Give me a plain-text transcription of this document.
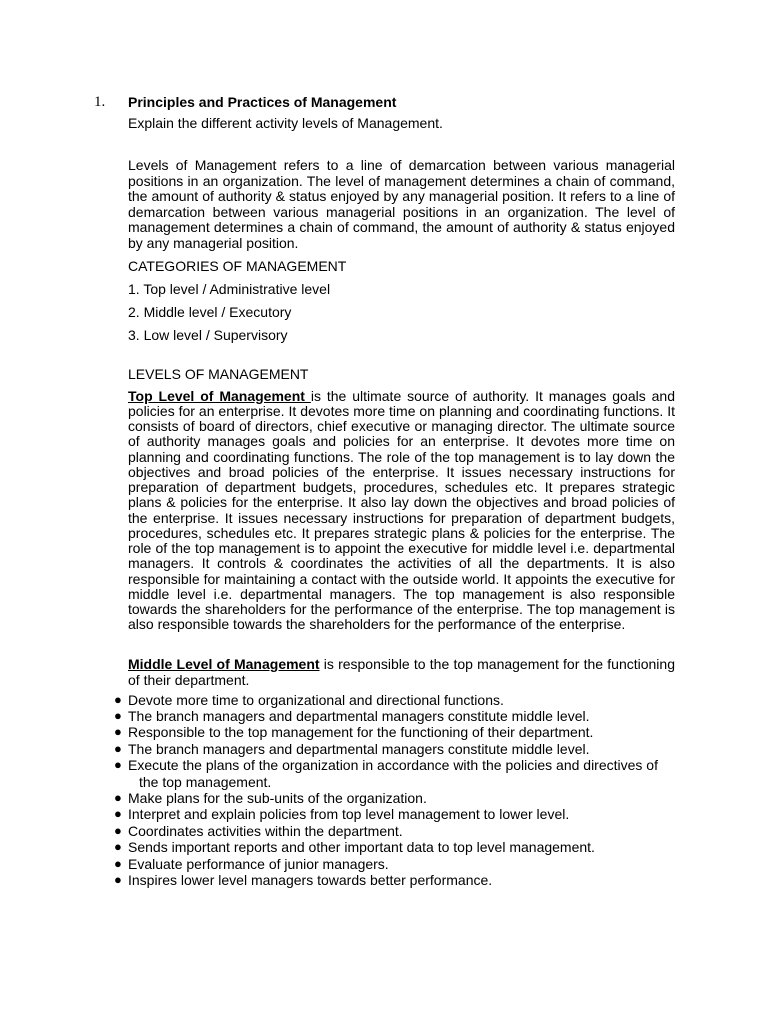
1. Principles and Practices of Management
Explain the different activity levels of Management.
Levels of Management refers to a line of demarcation between various managerial positions in an organization. The level of management determines a chain of command, the amount of authority & status enjoyed by any managerial position. It refers to a line of demarcation between various managerial positions in an organization. The level of management determines a chain of command, the amount of authority & status enjoyed by any managerial position.
CATEGORIES OF MANAGEMENT
1. Top level / Administrative level
2. Middle level / Executory
3. Low level / Supervisory
LEVELS OF MANAGEMENT
Top Level of Management is the ultimate source of authority. It manages goals and policies for an enterprise. It devotes more time on planning and coordinating functions. It consists of board of directors, chief executive or managing director. The ultimate source of authority manages goals and policies for an enterprise. It devotes more time on planning and coordinating functions. The role of the top management is to lay down the objectives and broad policies of the enterprise. It issues necessary instructions for preparation of department budgets, procedures, schedules etc. It prepares strategic plans & policies for the enterprise. It also lay down the objectives and broad policies of the enterprise. It issues necessary instructions for preparation of department budgets, procedures, schedules etc. It prepares strategic plans & policies for the enterprise. The role of the top management is to appoint the executive for middle level i.e. departmental managers. It controls & coordinates the activities of all the departments. It is also responsible for maintaining a contact with the outside world. It appoints the executive for middle level i.e. departmental managers. The top management is also responsible towards the shareholders for the performance of the enterprise. The top management is also responsible towards the shareholders for the performance of the enterprise.
Middle Level of Management is responsible to the top management for the functioning of their department.
● Devote more time to organizational and directional functions.
● The branch managers and departmental managers constitute middle level.
● Responsible to the top management for the functioning of their department.
● The branch managers and departmental managers constitute middle level.
● Execute the plans of the organization in accordance with the policies and directives of
the top management.
● Make plans for the sub-units of the organization.
● Interpret and explain policies from top level management to lower level.
● Coordinates activities within the department.
● Sends important reports and other important data to top level management.
● Evaluate performance of junior managers.
● Inspires lower level managers towards better performance.
